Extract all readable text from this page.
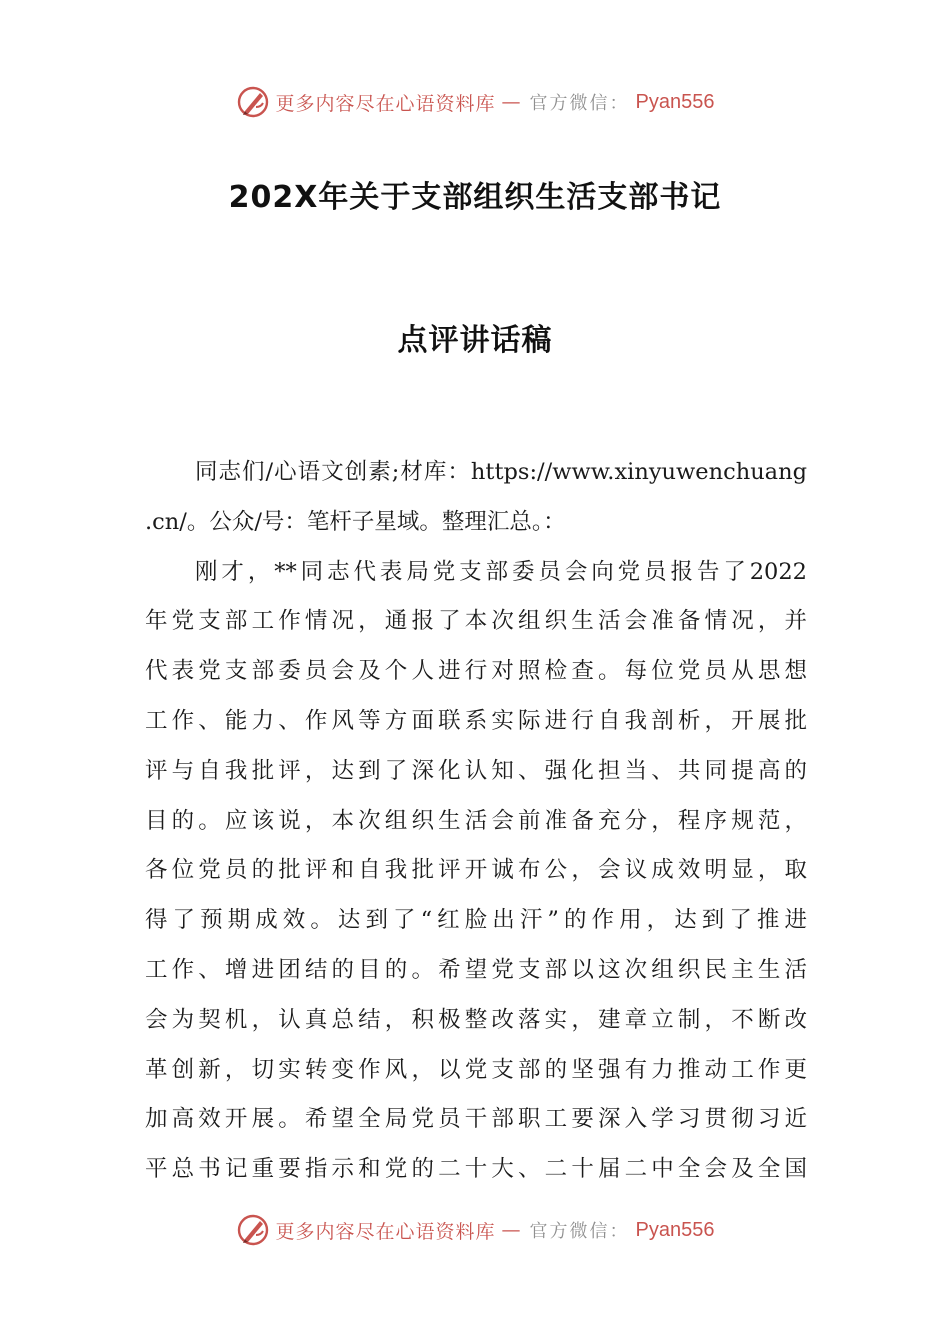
更多内容尽在心语资料库 — 官方微信： Pyan556
202X年关于支部组织生活支部书记
点评讲话稿
同志们/心语文创素;材库：https://www.xinyuwenchuang
.cn/。公众/号：笔杆子星域。整理汇总。：
刚才，**同志代表局党支部委员会向党员报告了2022
年党支部工作情况，通报了本次组织生活会准备情况，并
代表党支部委员会及个人进行对照检查。每位党员从思想
工作、能力、作风等方面联系实际进行自我剖析，开展批
评与自我批评，达到了深化认知、强化担当、共同提高的
目的。应该说，本次组织生活会前准备充分，程序规范，
各位党员的批评和自我批评开诚布公，会议成效明显，取
得了预期成效。达到了“红脸出汗”的作用，达到了推进
工作、增进团结的目的。希望党支部以这次组织民主生活
会为契机，认真总结，积极整改落实，建章立制，不断改
革创新，切实转变作风，以党支部的坚强有力推动工作更
加高效开展。希望全局党员干部职工要深入学习贯彻习近
平总书记重要指示和党的二十大、二十届二中全会及全国
更多内容尽在心语资料库 — 官方微信： Pyan556
